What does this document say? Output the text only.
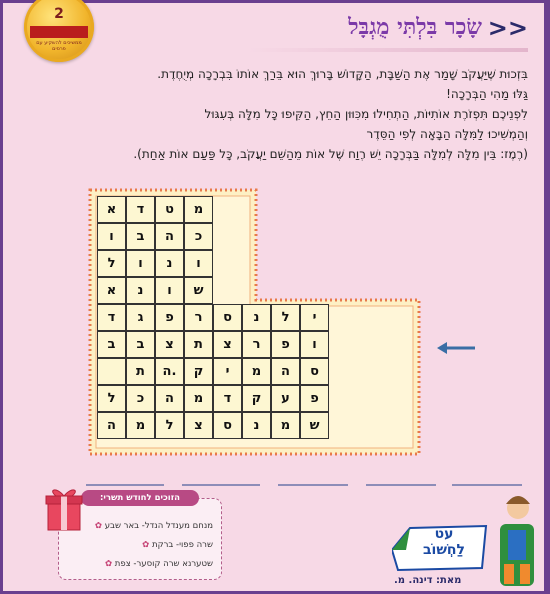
2
ממשיכים להשקיע עם פרסים
שָׂכָר בִּלְתִּי מֻגְבָּל >>

בִּזְכוּת שֶׁיַּעֲקֹב שָׁמַר אֶת הַשַּׁבָּת, הַקָּדוֹשׁ בָּרוּךְ הוּא בֵּרַךְ אוֹתוֹ בִּבְרָכָה מְיֻחֶדֶת.

גַּלּוּ מַהִי הַבְּרָכָה!

לִפְנֵיכֶם תִּפְזֹרֶת אוֹתִיּוֹת, הַתְחִילוּ מִכִּוּוּן הַחֵץ, הַקִּיפוּ כָּל מִלָּה בְּעִגּוּל

וְהַמְשִׁיכוּ לַמִּלָּה הַבָּאָה לְפִי הַסֵּדֶר

(רֶמֶז: בֵּין מִלָּה לְמִלָּה בַּבְּרָכָה יֵשׁ רֶוַח שֶׁל אוֹת מֵהַשֵּׁם יַעֲקֹב, כָּל פַּעַם אוֹת אַחַת).

מ
ט
ד
א
כ
ה
ב
ו
ו
נ
ו
ל
ש
ו
נ
א
י
ל
נ
ס
ר
פ
ג
ד
ו
פ
ר
צ
ת
צ
ב
ב
ס
ה
מ
י
ק
ה.
ת
פ
ע
ק
ד
מ
ה
כ
ל
ש
מ
נ
ס
צ
ל
מ
ה
הזוכים לחודש תשרי:
מנחם מענדל הנדל- באר שבע ✿
שרה פפוי- ברקת ✿
שטערנא שרה קוסער- צפת ✿
עט
לַחְשׁוֹב
מאת: דינה. מ.
